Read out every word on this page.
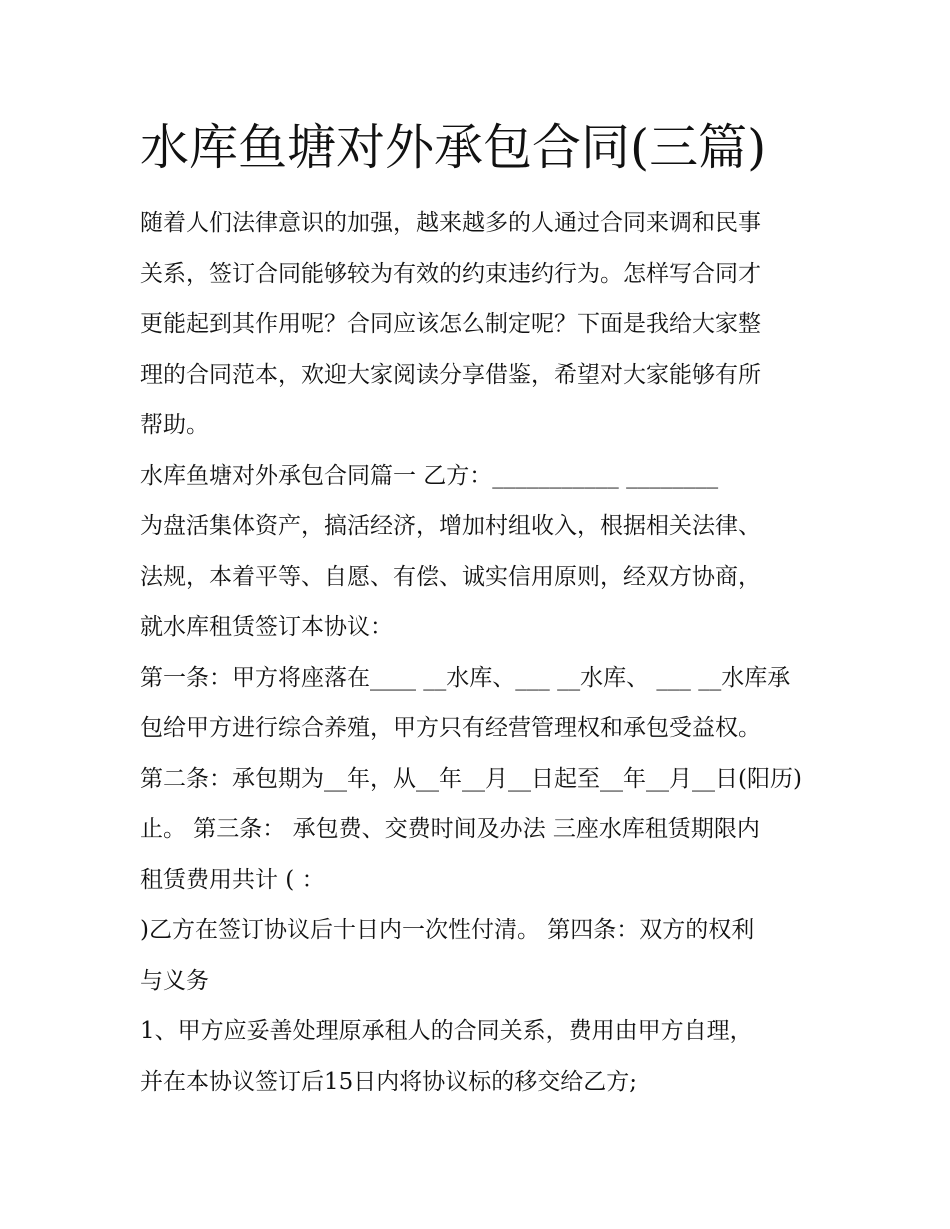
水库鱼塘对外承包合同(三篇)

随着人们法律意识的加强，越来越多的人通过合同来调和民事

关系，签订合同能够较为有效的约束违约行为。怎样写合同才

更能起到其作用呢？合同应该怎么制定呢？下面是我给大家整

理的合同范本，欢迎大家阅读分享借鉴，希望对大家能够有所

帮助。

水库鱼塘对外承包合同篇一 乙方：___________ ________

为盘活集体资产，搞活经济，增加村组收入，根据相关法律、

法规，本着平等、自愿、有偿、诚实信用原则，经双方协商，

就水库租赁签订本协议：

第一条：甲方将座落在____ __水库、___ __水库、 ___ __水库承

包给甲方进行综合养殖，甲方只有经营管理权和承包受益权。

第二条：承包期为__年，从__年__月__日起至__年__月__日(阳历)

止。 第三条： 承包费、交费时间及办法 三座水库租赁期限内

租赁费用共计 ( ：

)乙方在签订协议后十日内一次性付清。 第四条：双方的权利

与义务

1、甲方应妥善处理原承租人的合同关系，费用由甲方自理，

并在本协议签订后15日内将协议标的移交给乙方;
